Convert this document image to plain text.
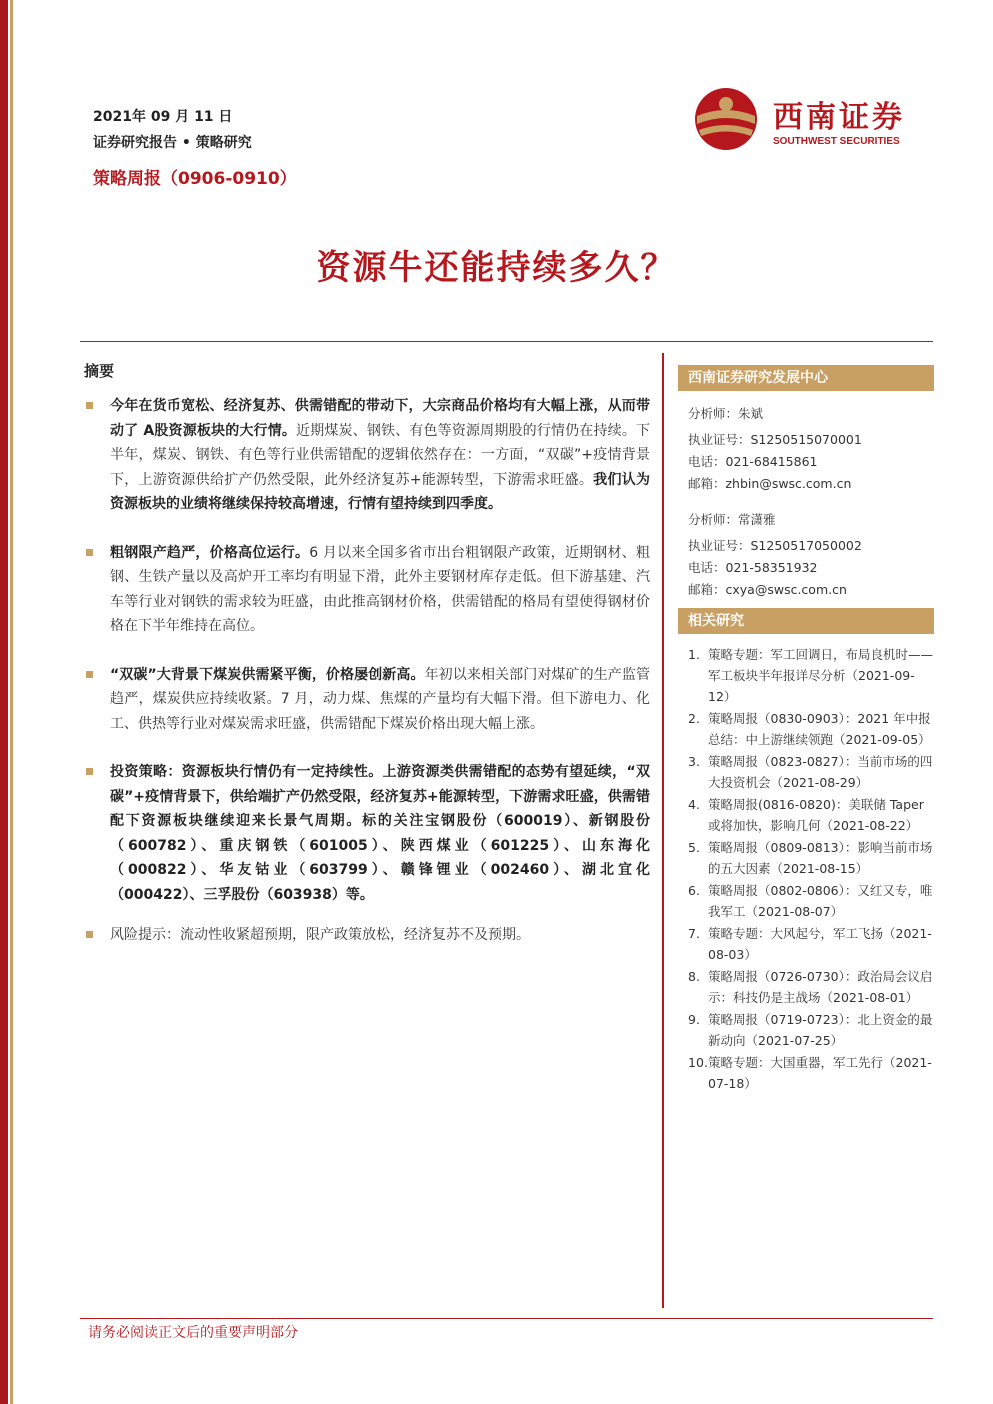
2021年 09 月 11 日
证券研究报告 • 策略研究
策略周报（0906-0910）
西南证券
SOUTHWEST SECURITIES
资源牛还能持续多久？
摘要
今年在货币宽松、经济复苏、供需错配的带动下，大宗商品价格均有大幅上涨，从而带动了 A股资源板块的大行情。近期煤炭、钢铁、有色等资源周期股的行情仍在持续。下半年，煤炭、钢铁、有色等行业供需错配的逻辑依然存在：一方面，“双碳”+疫情背景下，上游资源供给扩产仍然受限，此外经济复苏+能源转型，下游需求旺盛。我们认为资源板块的业绩将继续保持较高增速，行情有望持续到四季度。
粗钢限产趋严，价格高位运行。6 月以来全国多省市出台粗钢限产政策，近期钢材、粗钢、生铁产量以及高炉开工率均有明显下滑，此外主要钢材库存走低。但下游基建、汽车等行业对钢铁的需求较为旺盛，由此推高钢材价格，供需错配的格局有望使得钢材价格在下半年维持在高位。
“双碳”大背景下煤炭供需紧平衡，价格屡创新高。年初以来相关部门对煤矿的生产监管趋严，煤炭供应持续收紧。7 月，动力煤、焦煤的产量均有大幅下滑。但下游电力、化工、供热等行业对煤炭需求旺盛，供需错配下煤炭价格出现大幅上涨。
投资策略：资源板块行情仍有一定持续性。上游资源类供需错配的态势有望延续，“双碳”+疫情背景下，供给端扩产仍然受限，经济复苏+能源转型，下游需求旺盛，供需错配下资源板块继续迎来长景气周期。标的关注宝钢股份（600019）、新钢股份（600782）、重庆钢铁（601005）、陕西煤业（601225）、山东海化（000822）、华友钴业（603799）、赣锋锂业（002460）、湖北宜化（000422）、三孚股份（603938）等。
风险提示：流动性收紧超预期，限产政策放松，经济复苏不及预期。
西南证券研究发展中心
分析师：朱斌
执业证号：S1250515070001
电话：021-68415861
邮箱：zhbin@swsc.com.cn
分析师：常潇雅
执业证号：S1250517050002
电话：021-58351932
邮箱：cxya@swsc.com.cn
相关研究
1. 策略专题：军工回调日，布局良机时——军工板块半年报详尽分析（2021-09-12）
2. 策略周报（0830-0903）：2021 年中报总结：中上游继续领跑（2021-09-05）
3. 策略周报（0823-0827）：当前市场的四大投资机会（2021-08-29）
4. 策略周报(0816-0820)：美联储 Taper 或将加快，影响几何（2021-08-22）
5. 策略周报（0809-0813）：影响当前市场的五大因素（2021-08-15）
6. 策略周报（0802-0806）：又红又专，唯我军工（2021-08-07）
7. 策略专题：大风起兮，军工飞扬（2021-08-03）
8. 策略周报（0726-0730）：政治局会议启示：科技仍是主战场（2021-08-01）
9. 策略周报（0719-0723）：北上资金的最新动向（2021-07-25）
10. 策略专题：大国重器，军工先行（2021-07-18）
请务必阅读正文后的重要声明部分
